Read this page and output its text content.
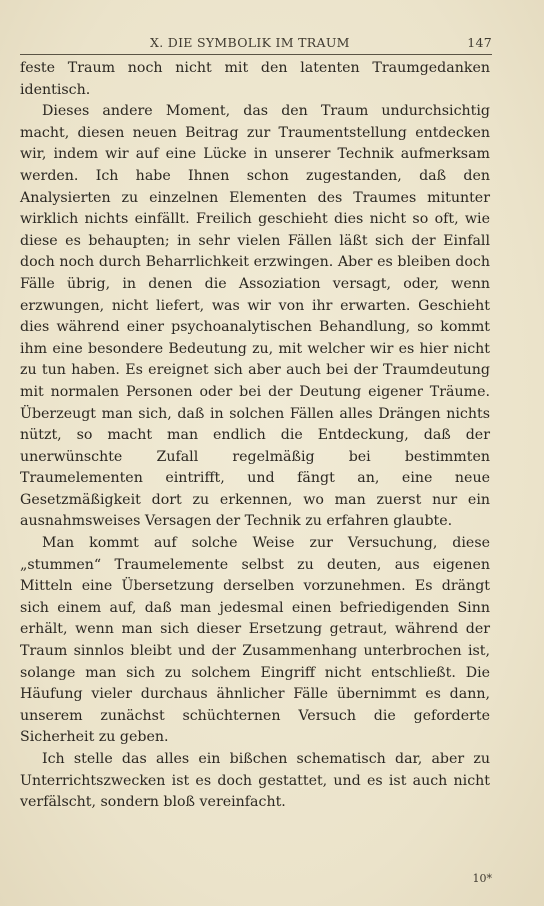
X. DIE SYMBOLIK IM TRAUM	147

feste Traum noch nicht mit den latenten Traumgedanken identisch.

Dieses andere Moment, das den Traum undurchsichtig macht, diesen neuen Beitrag zur Traumentstellung entdecken wir, indem wir auf eine Lücke in unserer Technik aufmerksam werden. Ich habe Ihnen schon zugestanden, daß den Analysierten zu einzelnen Elementen des Traumes mitunter wirklich nichts einfällt. Freilich geschieht dies nicht so oft, wie diese es behaupten; in sehr vielen Fällen läßt sich der Einfall doch noch durch Beharrlichkeit erzwingen. Aber es bleiben doch Fälle übrig, in denen die Assoziation versagt, oder, wenn erzwungen, nicht liefert, was wir von ihr erwarten. Geschieht dies während einer psychoanalytischen Behandlung, so kommt ihm eine besondere Bedeutung zu, mit welcher wir es hier nicht zu tun haben. Es ereignet sich aber auch bei der Traumdeutung mit normalen Personen oder bei der Deutung eigener Träume. Überzeugt man sich, daß in solchen Fällen alles Drängen nichts nützt, so macht man endlich die Entdeckung, daß der unerwünschte Zufall regelmäßig bei bestimmten Traumelementen eintrifft, und fängt an, eine neue Gesetzmäßigkeit dort zu erkennen, wo man zuerst nur ein ausnahmsweises Versagen der Technik zu erfahren glaubte.

Man kommt auf solche Weise zur Versuchung, diese „stummen“ Traumelemente selbst zu deuten, aus eigenen Mitteln eine Übersetzung derselben vorzunehmen. Es drängt sich einem auf, daß man jedesmal einen befriedigenden Sinn erhält, wenn man sich dieser Ersetzung getraut, während der Traum sinnlos bleibt und der Zusammenhang unterbrochen ist, solange man sich zu solchem Eingriff nicht entschließt. Die Häufung vieler durchaus ähnlicher Fälle übernimmt es dann, unserem zunächst schüchternen Versuch die geforderte Sicherheit zu geben.

Ich stelle das alles ein bißchen schematisch dar, aber zu Unterrichtszwecken ist es doch gestattet, und es ist auch nicht verfälscht, sondern bloß vereinfacht.

10*
